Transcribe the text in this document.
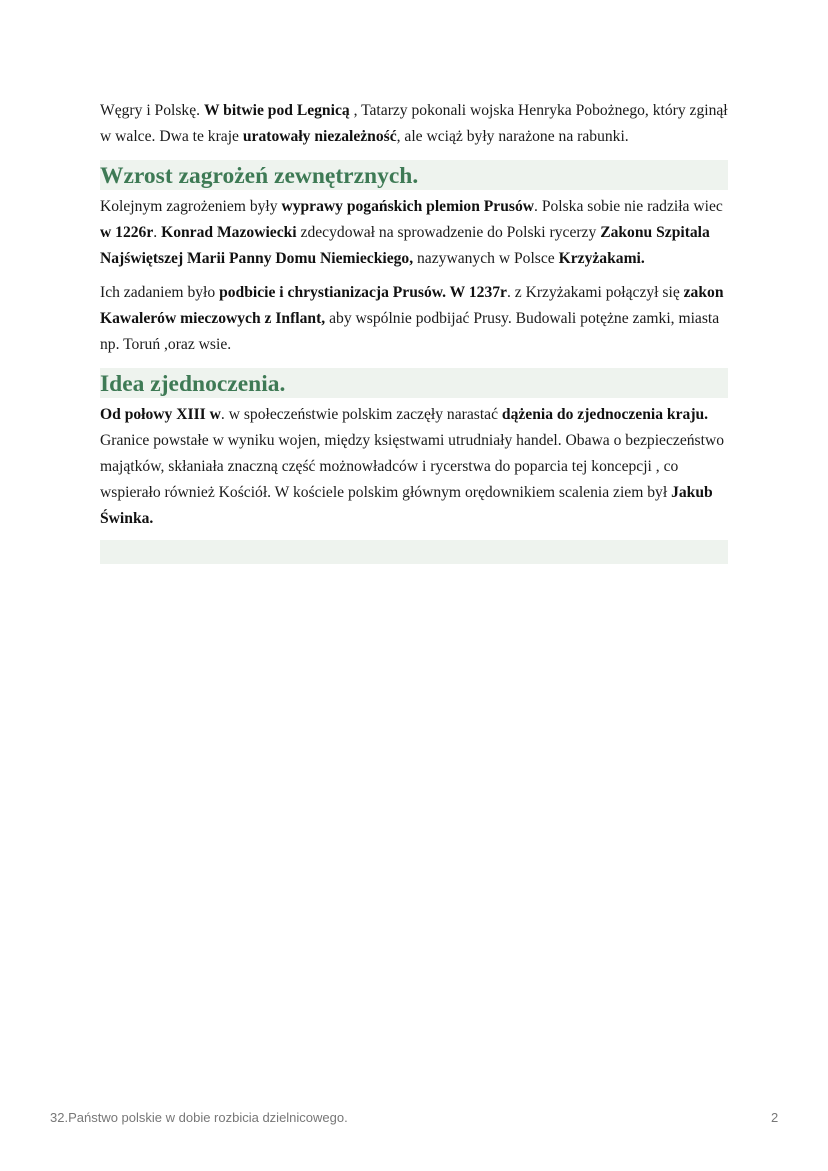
Węgry i Polskę. W bitwie pod Legnicą , Tatarzy pokonali wojska Henryka Pobożnego, który zginął w walce. Dwa te kraje uratowały niezależność, ale wciąż były narażone na rabunki.

Wzrost zagrożeń zewnętrznych.

Kolejnym zagrożeniem były wyprawy pogańskich plemion Prusów. Polska sobie nie radziła wiec w 1226r. Konrad Mazowiecki zdecydował na sprowadzenie do Polski rycerzy Zakonu Szpitala Najświętszej Marii Panny Domu Niemieckiego, nazywanych w Polsce Krzyżakami.

Ich zadaniem było podbicie i chrystianizacja Prusów. W 1237r. z Krzyżakami połączył się zakon Kawalerów mieczowych z Inflant, aby wspólnie podbijać Prusy. Budowali potężne zamki, miasta np. Toruń ,oraz wsie.

Idea zjednoczenia.

Od połowy XIII w. w społeczeństwie polskim zaczęły narastać dążenia do zjednoczenia kraju. Granice powstałe w wyniku wojen, między księstwami utrudniały handel. Obawa o bezpieczeństwo majątków, skłaniała znaczną część możnowładców i rycerstwa do poparcia tej koncepcji , co wspierało również Kościół. W kościele polskim głównym orędownikiem scalenia ziem był Jakub Świnka.

32.Państwo polskie w dobie rozbicia dzielnicowego.	2
